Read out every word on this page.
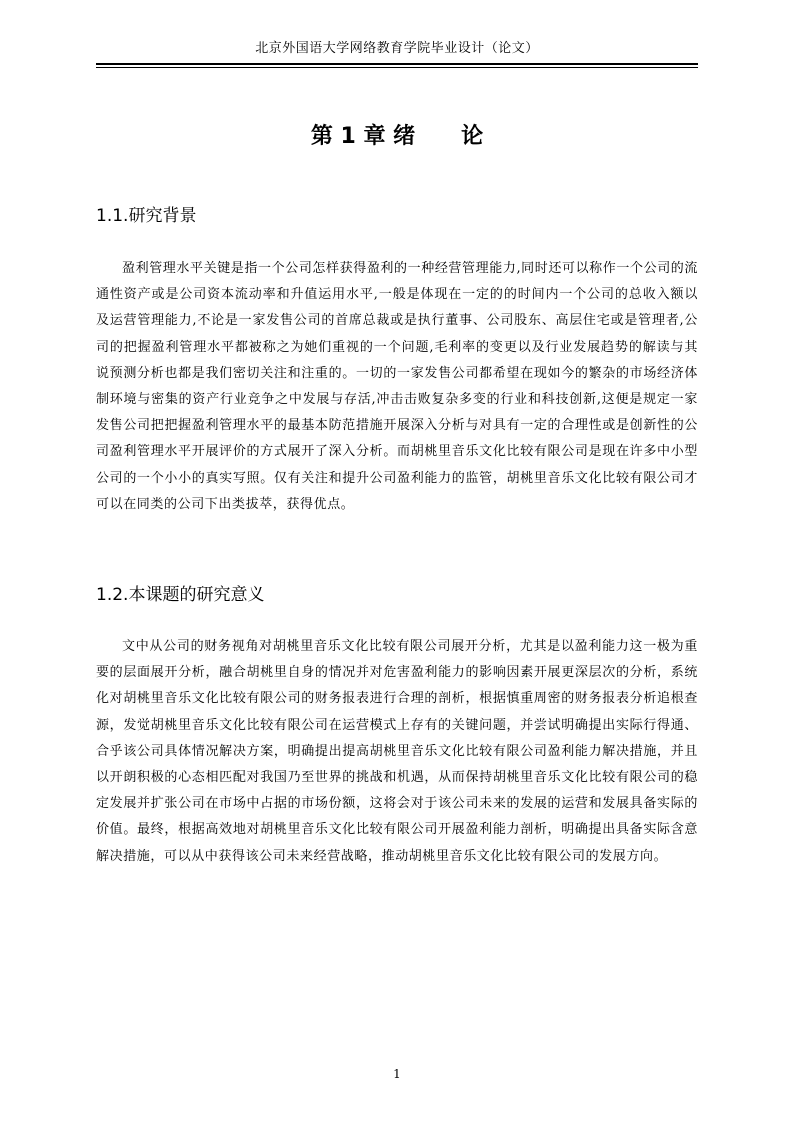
北京外国语大学网络教育学院毕业设计（论文）
第 1 章 绪      论
1.1.研究背景

盈利管理水平关键是指一个公司怎样获得盈利的一种经营管理能力,同时还可以称作一个公司的流通性资产或是公司资本流动率和升值运用水平,一般是体现在一定的的时间内一个公司的总收入额以及运营管理能力,不论是一家发售公司的首席总裁或是执行董事、公司股东、高层住宅或是管理者,公司的把握盈利管理水平都被称之为她们重视的一个问题,毛利率的变更以及行业发展趋势的解读与其说预测分析也都是我们密切关注和注重的。一切的一家发售公司都希望在现如今的繁杂的市场经济体制环境与密集的资产行业竞争之中发展与存活,冲击击败复杂多变的行业和科技创新,这便是规定一家发售公司把把握盈利管理水平的最基本防范措施开展深入分析与对具有一定的合理性或是创新性的公司盈利管理水平开展评价的方式展开了深入分析。而胡桃里音乐文化比较有限公司是现在许多中小型公司的一个小小的真实写照。仅有关注和提升公司盈利能力的监管，胡桃里音乐文化比较有限公司才可以在同类的公司下出类拔萃，获得优点。

1.2.本课题的研究意义

文中从公司的财务视角对胡桃里音乐文化比较有限公司展开分析，尤其是以盈利能力这一极为重要的层面展开分析，融合胡桃里自身的情况并对危害盈利能力的影响因素开展更深层次的分析，系统化对胡桃里音乐文化比较有限公司的财务报表进行合理的剖析，根据慎重周密的财务报表分析追根查源，发觉胡桃里音乐文化比较有限公司在运营模式上存有的关键问题，并尝试明确提出实际行得通、合乎该公司具体情况解决方案，明确提出提高胡桃里音乐文化比较有限公司盈利能力解决措施，并且以开朗积极的心态相匹配对我国乃至世界的挑战和机遇，从而保持胡桃里音乐文化比较有限公司的稳定发展并扩张公司在市场中占据的市场份额，这将会对于该公司未来的发展的运营和发展具备实际的价值。最终，根据高效地对胡桃里音乐文化比较有限公司开展盈利能力剖析，明确提出具备实际含意解决措施，可以从中获得该公司未来经营战略，推动胡桃里音乐文化比较有限公司的发展方向。

1
